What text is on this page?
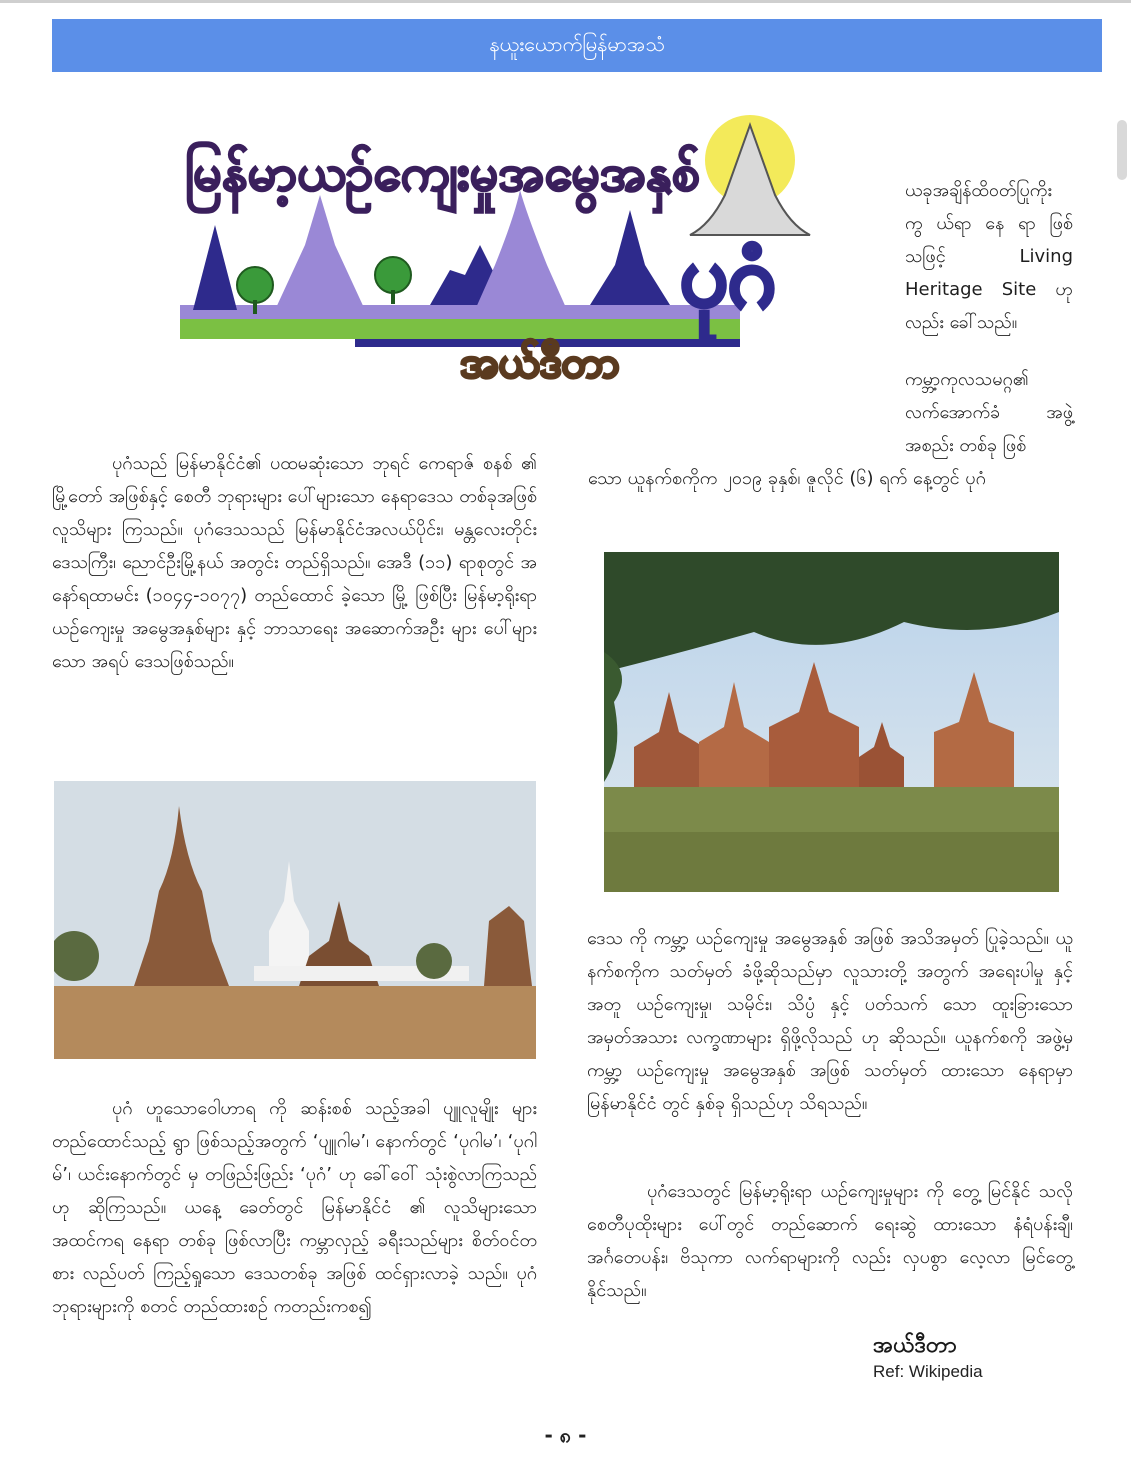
နယူးယောက်မြန်မာအသံ
မြန်မာ့ယဉ်ကျေးမှုအမွေအနှစ်
ပုဂံ
အယ်ဒီတာ

ယခုအချိန်ထိဝတ်ပြုကိုး ကွ ယ်ရာ နေ ရာ ဖြစ်သဖြင့် Living Heritage Site ဟုလည်း ခေါ်သည်။

ကမ္ဘာ့ကုလသမဂ္ဂ၏ လက်အောက်ခံ အဖွဲ့ အစည်း တစ်ခု ဖြစ်

သော ယူနက်စကိုက ၂၀၁၉ ခုနှစ်၊ ဇူလိုင် (၆) ရက် နေ့တွင် ပုဂံ

ပုဂံသည် မြန်မာနိုင်ငံ၏ ပထမဆုံးသော ဘုရင် ကေရာဇ် စနစ် ၏ မြို့တော် အဖြစ်နှင့် စေတီ ဘုရားများ ပေါ်များသော နေရာဒေသ တစ်ခုအဖြစ် လူသိများ ကြသည်။ ပုဂံဒေသသည် မြန်မာနိုင်ငံအလယ်ပိုင်း၊ မန္တလေးတိုင်း ဒေသကြီး၊ ညောင်ဦးမြို့နယ် အတွင်း တည်ရှိသည်။ အေဒီ (၁၁) ရာစုတွင် အနော်ရထာမင်း (၁၀၄၄-၁၀၇၇) တည်ထောင် ခဲ့သော မြို့ ဖြစ်ပြီး မြန်မာ့ရိုးရာ ယဉ်ကျေးမှု အမွေအနှစ်များ နှင့် ဘာသာရေး အဆောက်အဦး များ ပေါ်များသော အရပ် ဒေသဖြစ်သည်။

ပုဂံ ဟူသောဝေါဟာရ ကို ဆန်းစစ် သည့်အခါ ပျူလူမျိုး များ တည်ထောင်သည့် ရွာ ဖြစ်သည့်အတွက် ‘ပျူဂါမ’၊ နောက်တွင် ‘ပုဂါမ’၊ ‘ပုဂါမ်’၊ ယင်းနောက်တွင် မှ တဖြည်းဖြည်း ‘ပုဂံ’ ဟု ခေါ်ဝေါ် သုံးစွဲလာကြသည် ဟု ဆိုကြသည်။ ယနေ့ ခေတ်တွင် မြန်မာနိုင်ငံ ၏ လူသိများသော အထင်ကရ နေရာ တစ်ခု ဖြစ်လာပြီး ကမ္ဘာလှည့် ခရီးသည်များ စိတ်ဝင်တစား လည်ပတ် ကြည့်ရှုသော ဒေသတစ်ခု အဖြစ် ထင်ရှားလာခဲ့ သည်။ ပုဂံဘုရားများကို စတင် တည်ထားစဉ် ကတည်းကစ၍

ဒေသ ကို ကမ္ဘာ့ ယဉ်ကျေးမှု အမွေအနှစ် အဖြစ် အသိအမှတ် ပြုခဲ့သည်။ ယူနက်စကိုက သတ်မှတ် ခံဖို့ဆိုသည်မှာ လူသားတို့ အတွက် အရေးပါမှု နှင့်အတူ ယဉ်ကျေးမှု၊ သမိုင်း၊ သိပ္ပံ နှင့် ပတ်သက် သော ထူးခြားသော အမှတ်အသား လက္ခဏာများ ရှိဖို့လိုသည် ဟု ဆိုသည်။ ယူနက်စကို အဖွဲ့မှ ကမ္ဘာ့ ယဉ်ကျေးမှု အမွေအနှစ် အဖြစ် သတ်မှတ် ထားသော နေရာမှာ မြန်မာနိုင်ငံ တွင် နှစ်ခု ရှိသည်ဟု သိရသည်။

ပုဂံဒေသတွင် မြန်မာ့ရိုးရာ ယဉ်ကျေးမှုများ ကို တွေ့ မြင်နိုင် သလို စေတီပုထိုးများ ပေါ်တွင် တည်ဆောက် ရေးဆွဲ ထားသော နံရံပန်းချီ၊ အင်္ဂတေပန်း၊ ဗိသုကာ လက်ရာများကို လည်း လှပစွာ လေ့လာ မြင်တွေ့နိုင်သည်။

အယ်ဒီတာ
Ref: Wikipedia
- ၈ -
